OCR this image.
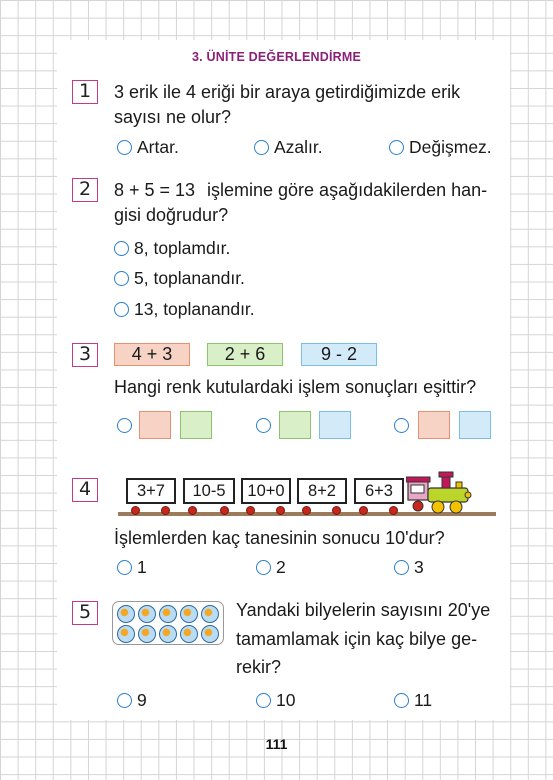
3. ÜNİTE DEĞERLENDİRME
1	3 erik ile 4 eriği bir araya getirdiğimizde erik
sayısı ne olur?
Artar.	Azalır.	Değişmez.
2	8 + 5 = 13 işlemine göre aşağıdakilerden han-
gisi doğrudur?
8, toplamdır.
5, toplanandır.
13, toplanandır.
3	4 + 3	2 + 6	9 - 2
Hangi renk kutulardaki işlem sonuçları eşittir?
4	3+7	10-5	10+0	8+2	6+3
İşlemlerden kaç tanesinin sonucu 10'dur?
1	2	3
5	Yandaki bilyelerin sayısını 20'ye
tamamlamak için kaç bilye ge-
rekir?
9	10	11
111
